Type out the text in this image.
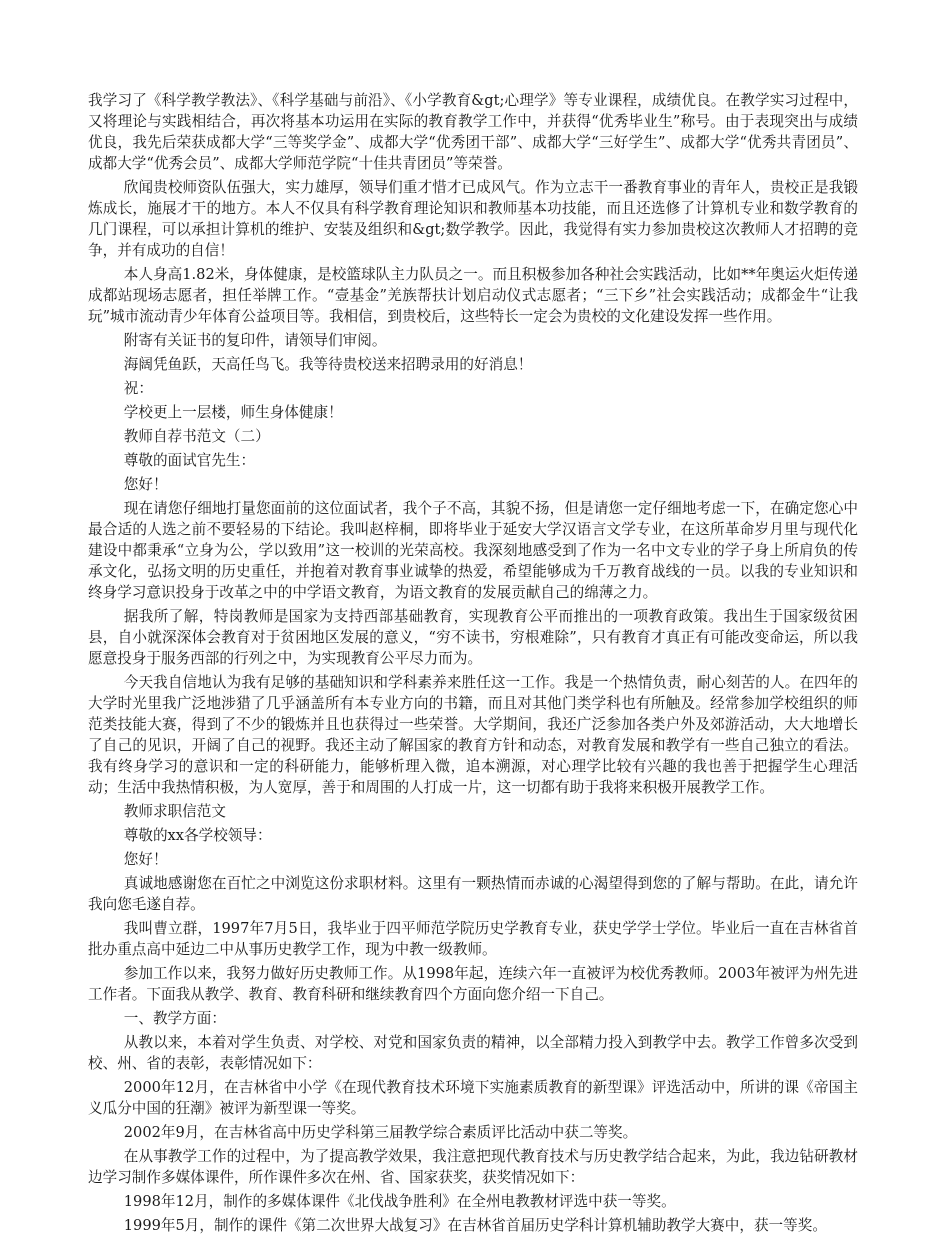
我学习了《科学教学教法》、《科学基础与前沿》、《小学教育&gt;心理学》等专业课程，成绩优良。在教学实习过程中，又将理论与实践相结合，再次将基本功运用在实际的教育教学工作中，并获得“优秀毕业生”称号。由于表现突出与成绩优良，我先后荣获成都大学“三等奖学金”、成都大学“优秀团干部”、成都大学“三好学生”、成都大学“优秀共青团员”、成都大学“优秀会员”、成都大学师范学院“十佳共青团员”等荣誉。

欣闻贵校师资队伍强大，实力雄厚，领导们重才惜才已成风气。作为立志干一番教育事业的青年人，贵校正是我锻炼成长，施展才干的地方。本人不仅具有科学教育理论知识和教师基本功技能，而且还选修了计算机专业和数学教育的几门课程，可以承担计算机的维护、安装及组织和&gt;数学教学。因此，我觉得有实力参加贵校这次教师人才招聘的竞争，并有成功的自信！

本人身高1.82米，身体健康，是校篮球队主力队员之一。而且积极参加各种社会实践活动，比如**年奥运火炬传递成都站现场志愿者，担任举牌工作。“壹基金”羌族帮扶计划启动仪式志愿者；“三下乡”社会实践活动；成都金牛“让我玩”城市流动青少年体育公益项目等。我相信，到贵校后，这些特长一定会为贵校的文化建设发挥一些作用。

附寄有关证书的复印件，请领导们审阅。

海阔凭鱼跃，天高任鸟飞。我等待贵校送来招聘录用的好消息！

祝：

学校更上一层楼，师生身体健康！

教师自荐书范文（二）

尊敬的面试官先生：

您好！

现在请您仔细地打量您面前的这位面试者，我个子不高，其貌不扬，但是请您一定仔细地考虑一下，在确定您心中最合适的人选之前不要轻易的下结论。我叫赵梓桐，即将毕业于延安大学汉语言文学专业，在这所革命岁月里与现代化建设中都秉承“立身为公，学以致用”这一校训的光荣高校。我深刻地感受到了作为一名中文专业的学子身上所肩负的传承文化，弘扬文明的历史重任，并抱着对教育事业诚挚的热爱，希望能够成为千万教育战线的一员。以我的专业知识和终身学习意识投身于改革之中的中学语文教育，为语文教育的发展贡献自己的绵薄之力。

据我所了解，特岗教师是国家为支持西部基础教育，实现教育公平而推出的一项教育政策。我出生于国家级贫困县，自小就深深体会教育对于贫困地区发展的意义，“穷不读书，穷根难除”，只有教育才真正有可能改变命运，所以我愿意投身于服务西部的行列之中，为实现教育公平尽力而为。

今天我自信地认为我有足够的基础知识和学科素养来胜任这一工作。我是一个热情负责，耐心刻苦的人。在四年的大学时光里我广泛地涉猎了几乎涵盖所有本专业方向的书籍，而且对其他门类学科也有所触及。经常参加学校组织的师范类技能大赛，得到了不少的锻炼并且也获得过一些荣誉。大学期间，我还广泛参加各类户外及郊游活动，大大地增长了自己的见识，开阔了自己的视野。我还主动了解国家的教育方针和动态，对教育发展和教学有一些自己独立的看法。我有终身学习的意识和一定的科研能力，能够析理入微，追本溯源，对心理学比较有兴趣的我也善于把握学生心理活动；生活中我热情积极，为人宽厚，善于和周围的人打成一片，这一切都有助于我将来积极开展教学工作。

教师求职信范文

尊敬的xx各学校领导：

您好！

真诚地感谢您在百忙之中浏览这份求职材料。这里有一颗热情而赤诚的心渴望得到您的了解与帮助。在此，请允许我向您毛遂自荐。

我叫曹立群，1997年7月5日，我毕业于四平师范学院历史学教育专业，获史学学士学位。毕业后一直在吉林省首批办重点高中延边二中从事历史教学工作，现为中教一级教师。

参加工作以来，我努力做好历史教师工作。从1998年起，连续六年一直被评为校优秀教师。2003年被评为州先进工作者。下面我从教学、教育、教育科研和继续教育四个方面向您介绍一下自己。

一、教学方面：

从教以来，本着对学生负责、对学校、对党和国家负责的精神，以全部精力投入到教学中去。教学工作曾多次受到校、州、省的表彰，表彰情况如下：

2000年12月，在吉林省中小学《在现代教育技术环境下实施素质教育的新型课》评选活动中，所讲的课《帝国主义瓜分中国的狂潮》被评为新型课一等奖。

2002年9月，在吉林省高中历史学科第三届教学综合素质评比活动中获二等奖。

在从事教学工作的过程中，为了提高教学效果，我注意把现代教育技术与历史教学结合起来，为此，我边钻研教材边学习制作多媒体课件，所作课件多次在州、省、国家获奖，获奖情况如下：

1998年12月，制作的多媒体课件《北伐战争胜利》在全州电教教材评选中获一等奖。

1999年5月，制作的课件《第二次世界大战复习》在吉林省首届历史学科计算机辅助教学大赛中，获一等奖。
